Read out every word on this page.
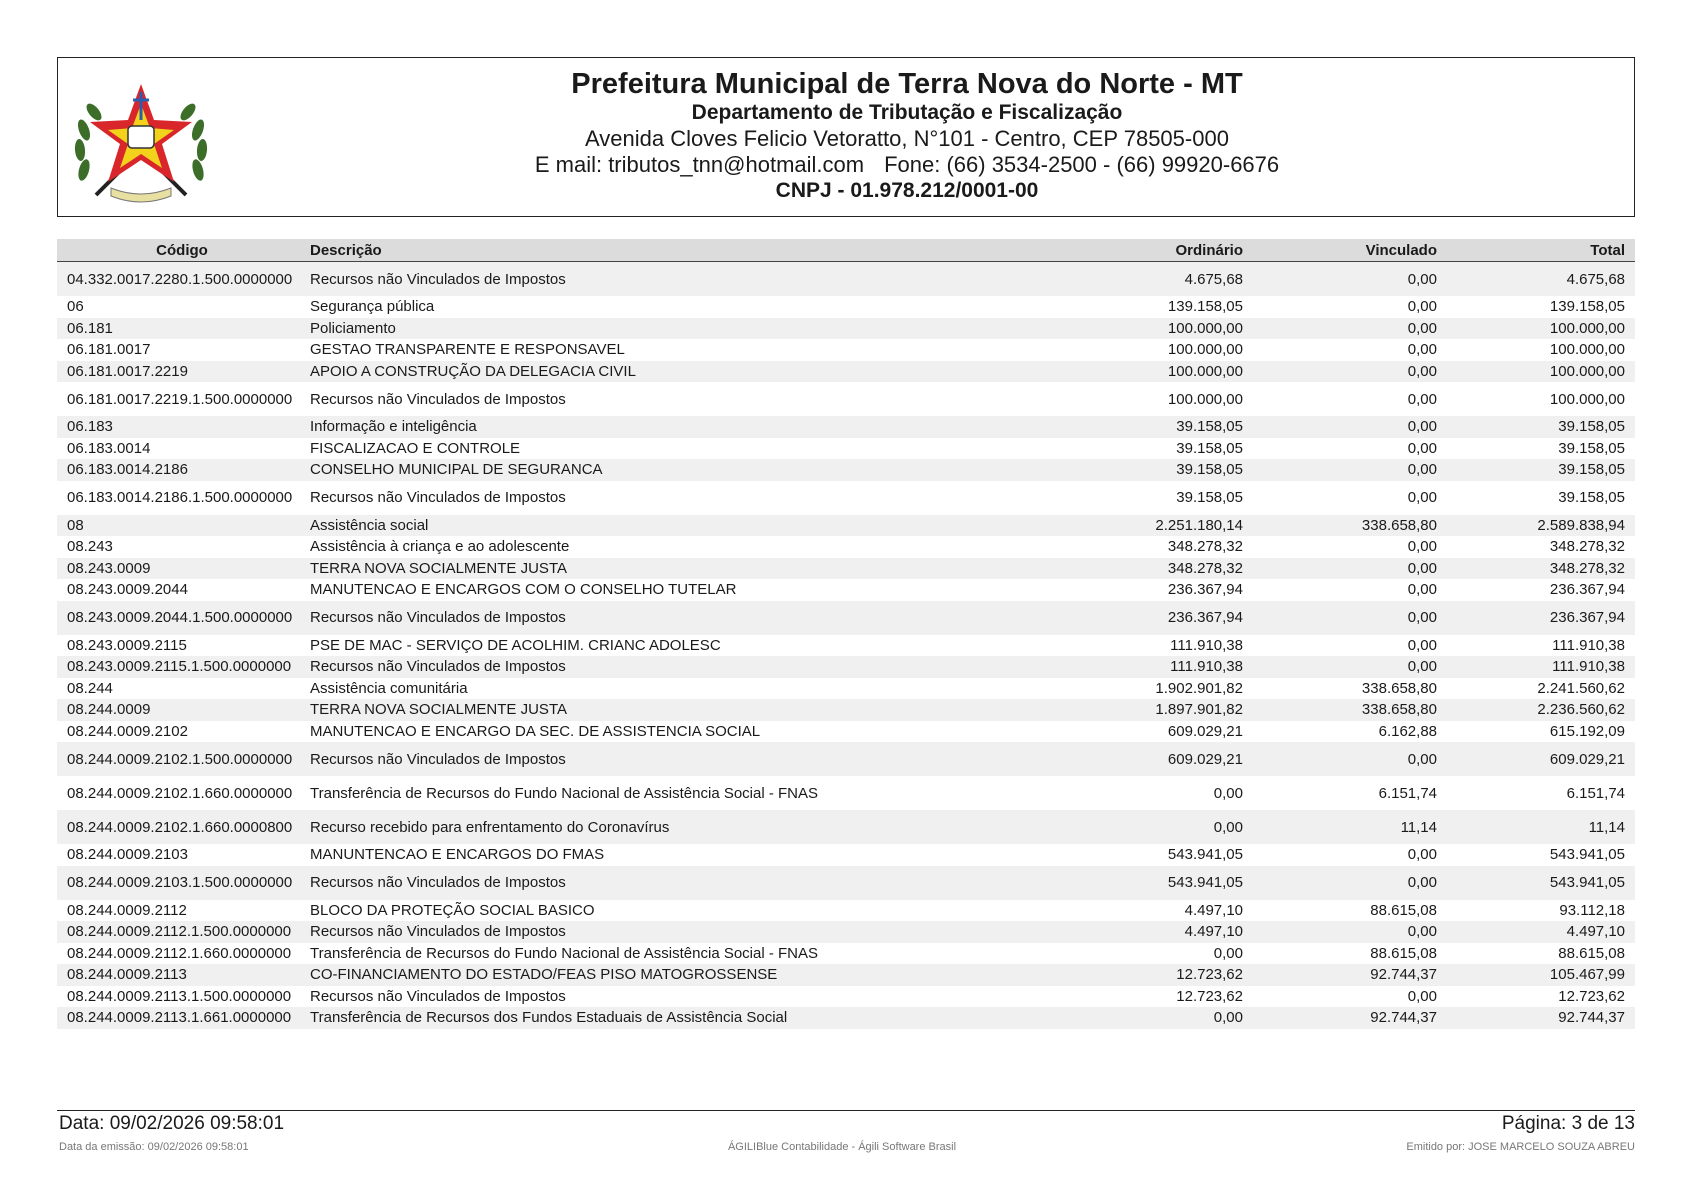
Prefeitura Municipal de Terra Nova do Norte - MT
Departamento de Tributação e Fiscalização
Avenida Cloves Felicio Vetoratto, N°101 - Centro, CEP 78505-000
E mail: tributos_tnn@hotmail.com Fone: (66) 3534-2500 - (66) 99920-6676
CNPJ - 01.978.212/0001-00
Código	Descrição	Ordinário	Vinculado	Total
04.332.0017.2280.1.500.0000000	Recursos não Vinculados de Impostos	4.675,68	0,00	4.675,68
06	Segurança pública	139.158,05	0,00	139.158,05
06.181	Policiamento	100.000,00	0,00	100.000,00
06.181.0017	GESTAO TRANSPARENTE E RESPONSAVEL	100.000,00	0,00	100.000,00
06.181.0017.2219	APOIO A CONSTRUÇÃO DA DELEGACIA CIVIL	100.000,00	0,00	100.000,00
06.181.0017.2219.1.500.0000000	Recursos não Vinculados de Impostos	100.000,00	0,00	100.000,00
06.183	Informação e inteligência	39.158,05	0,00	39.158,05
06.183.0014	FISCALIZACAO E CONTROLE	39.158,05	0,00	39.158,05
06.183.0014.2186	CONSELHO MUNICIPAL DE SEGURANCA	39.158,05	0,00	39.158,05
06.183.0014.2186.1.500.0000000	Recursos não Vinculados de Impostos	39.158,05	0,00	39.158,05
08	Assistência social	2.251.180,14	338.658,80	2.589.838,94
08.243	Assistência à criança e ao adolescente	348.278,32	0,00	348.278,32
08.243.0009	TERRA NOVA SOCIALMENTE JUSTA	348.278,32	0,00	348.278,32
08.243.0009.2044	MANUTENCAO E ENCARGOS COM O CONSELHO TUTELAR	236.367,94	0,00	236.367,94
08.243.0009.2044.1.500.0000000	Recursos não Vinculados de Impostos	236.367,94	0,00	236.367,94
08.243.0009.2115	PSE DE MAC - SERVIÇO DE ACOLHIM. CRIANC ADOLESC	111.910,38	0,00	111.910,38
08.243.0009.2115.1.500.0000000	Recursos não Vinculados de Impostos	111.910,38	0,00	111.910,38
08.244	Assistência comunitária	1.902.901,82	338.658,80	2.241.560,62
08.244.0009	TERRA NOVA SOCIALMENTE JUSTA	1.897.901,82	338.658,80	2.236.560,62
08.244.0009.2102	MANUTENCAO E ENCARGO DA SEC. DE ASSISTENCIA SOCIAL	609.029,21	6.162,88	615.192,09
08.244.0009.2102.1.500.0000000	Recursos não Vinculados de Impostos	609.029,21	0,00	609.029,21
08.244.0009.2102.1.660.0000000	Transferência de Recursos do Fundo Nacional de Assistência Social - FNAS	0,00	6.151,74	6.151,74
08.244.0009.2102.1.660.0000800	Recurso recebido para enfrentamento do Coronavírus	0,00	11,14	11,14
08.244.0009.2103	MANUNTENCAO E ENCARGOS DO FMAS	543.941,05	0,00	543.941,05
08.244.0009.2103.1.500.0000000	Recursos não Vinculados de Impostos	543.941,05	0,00	543.941,05
08.244.0009.2112	BLOCO DA PROTEÇÃO SOCIAL BASICO	4.497,10	88.615,08	93.112,18
08.244.0009.2112.1.500.0000000	Recursos não Vinculados de Impostos	4.497,10	0,00	4.497,10
08.244.0009.2112.1.660.0000000	Transferência de Recursos do Fundo Nacional de Assistência Social - FNAS	0,00	88.615,08	88.615,08
08.244.0009.2113	CO-FINANCIAMENTO DO ESTADO/FEAS PISO MATOGROSSENSE	12.723,62	92.744,37	105.467,99
08.244.0009.2113.1.500.0000000	Recursos não Vinculados de Impostos	12.723,62	0,00	12.723,62
08.244.0009.2113.1.661.0000000	Transferência de Recursos dos Fundos Estaduais de Assistência Social	0,00	92.744,37	92.744,37
Data: 09/02/2026 09:58:01	Página: 3 de 13
Data da emissão: 09/02/2026 09:58:01	ÁGILIBlue Contabilidade - Ágili Software Brasil	Emitido por: JOSE MARCELO SOUZA ABREU
